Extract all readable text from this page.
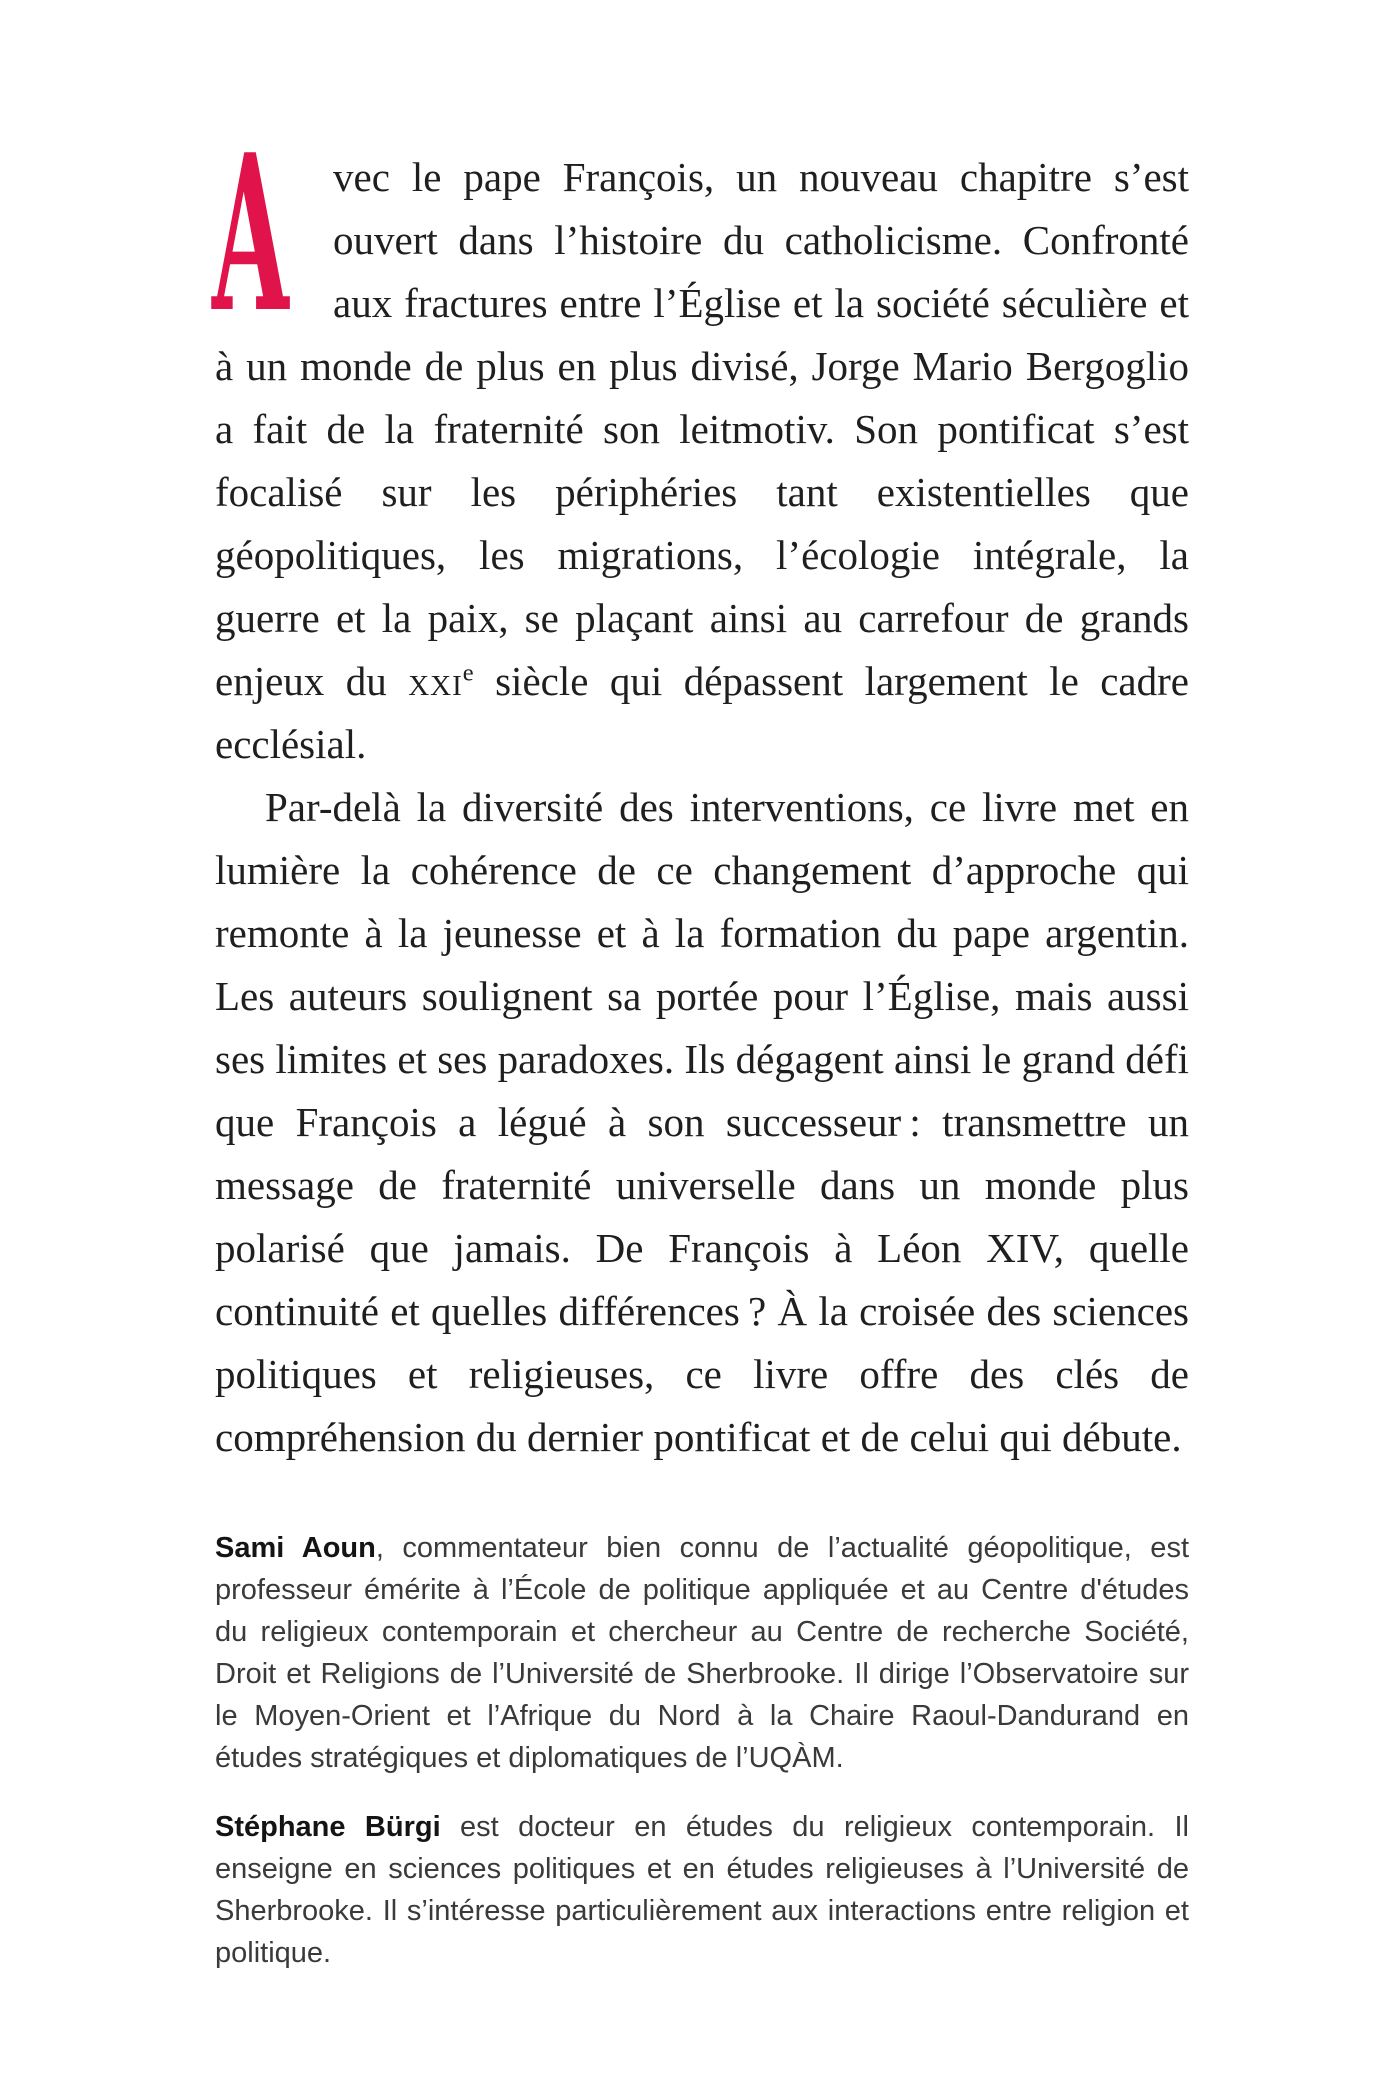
A vec le pape François, un nouveau chapitre s’est ouvert dans l’histoire du catholicisme. Confronté aux fractures entre l’Église et la société séculière et à un monde de plus en plus divisé, Jorge Mario Bergoglio a fait de la fraternité son leitmotiv. Son pontificat s’est focalisé sur les périphéries tant existentielles que géopolitiques, les migrations, l’écologie intégrale, la guerre et la paix, se plaçant ainsi au carrefour de grands enjeux du xxi$^e$ siècle qui dépassent largement le cadre ecclésial.

Par-delà la diversité des interventions, ce livre met en lumière la cohérence de ce changement d’approche qui remonte à la jeunesse et à la formation du pape argentin. Les auteurs soulignent sa portée pour l’Église, mais aussi ses limites et ses paradoxes. Ils dégagent ainsi le grand défi que François a légué à son successeur : transmettre un message de fraternité universelle dans un monde plus polarisé que jamais. De François à Léon XIV, quelle continuité et quelles différences ? À la croisée des sciences politiques et religieuses, ce livre offre des clés de compréhension du dernier pontificat et de celui qui débute.

Sami Aoun, commentateur bien connu de l’actualité géopolitique, est professeur émérite à l’École de politique appliquée et au Centre d'études du religieux contemporain et chercheur au Centre de recherche Société, Droit et Religions de l’Université de Sherbrooke. Il dirige l’Observatoire sur le Moyen-Orient et l’Afrique du Nord à la Chaire Raoul-Dandurand en études stratégiques et diplomatiques de l’UQÀM.

Stéphane Bürgi est docteur en études du religieux contemporain. Il enseigne en sciences politiques et en études religieuses à l’Université de Sherbrooke. Il s’intéresse particulièrement aux interactions entre religion et politique.
